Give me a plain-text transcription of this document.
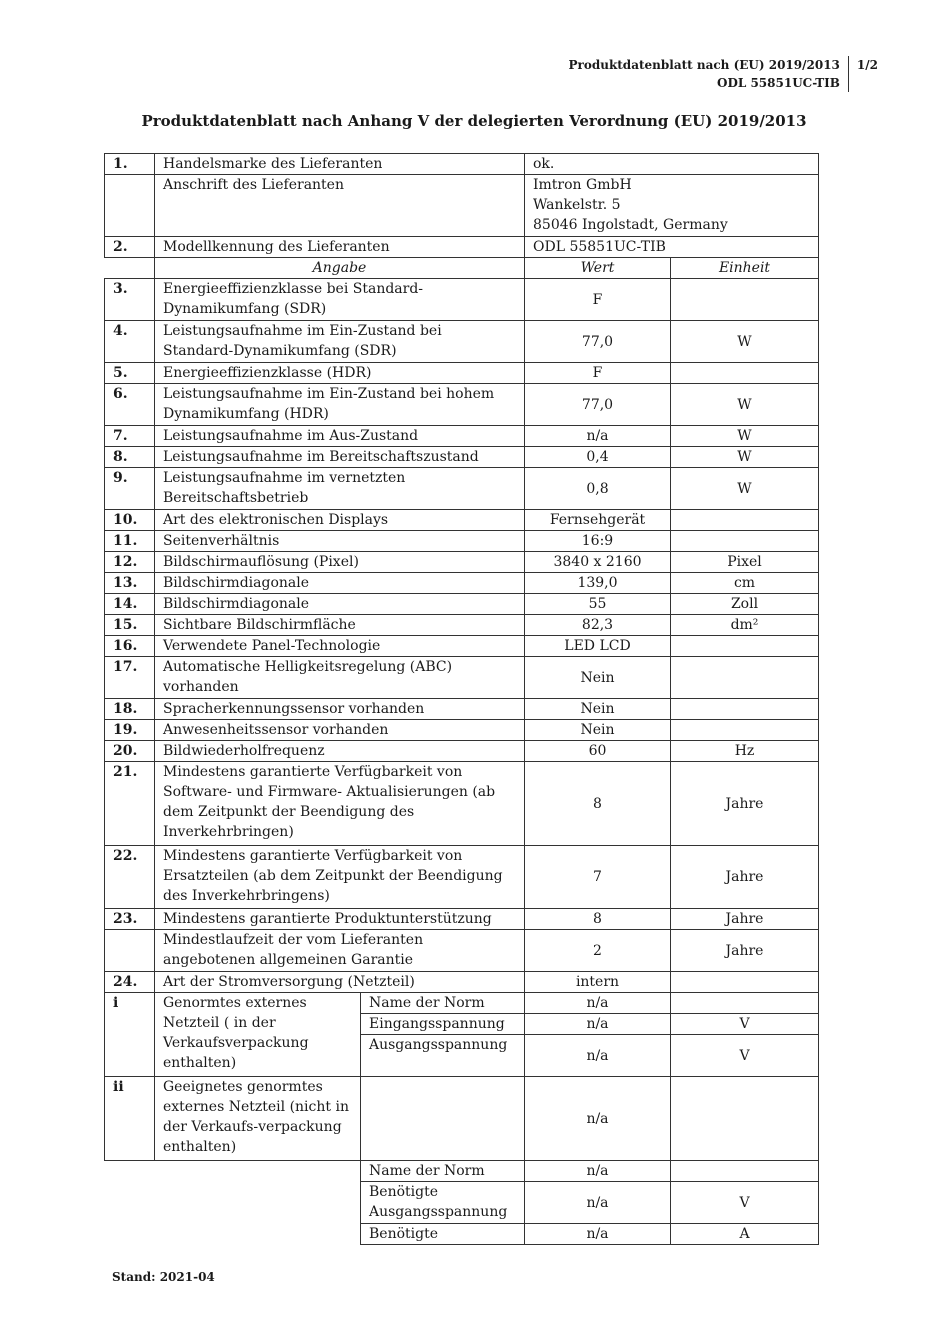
Produktdatenblatt nach (EU) 2019/2013
ODL 55851UC-TIB
1/2
Produktdatenblatt nach Anhang V der delegierten Verordnung (EU) 2019/2013
1.	Handelsmarke des Lieferanten		ok.	
	Anschrift des Lieferanten		Imtron GmbH
Wankelstr. 5
85046 Ingolstadt, Germany	

2.	Modellkennung des Lieferanten		ODL 55851UC-TIB	
	Angabe		Wert	Einheit
3.	Energieeffizienzklasse bei Standard-Dynamikumfang (SDR)		F	
4.	Leistungsaufnahme im Ein-Zustand bei Standard-Dynamikumfang (SDR)		77,0	W
5.	Energieeffizienzklasse (HDR)		F	
6.	Leistungsaufnahme im Ein-Zustand bei hohem Dynamikumfang (HDR)		77,0	W
7.	Leistungsaufnahme im Aus-Zustand		n/a	W
8.	Leistungsaufnahme im Bereitschaftszustand		0,4	W
9.	Leistungsaufnahme im vernetzten Bereitschaftsbetrieb		0,8	W
10.	Art des elektronischen Displays		Fernsehgerät	
11.	Seitenverhältnis		16:9	
12.	Bildschirmauflösung (Pixel)		3840 x 2160	Pixel
13.	Bildschirmdiagonale		139,0	cm
14.	Bildschirmdiagonale		55	Zoll
15.	Sichtbare Bildschirmfläche		82,3	dm²
16.	Verwendete Panel-Technologie		LED LCD	
17.	Automatische Helligkeitsregelung (ABC) vorhanden		Nein	
18.	Spracherkennungssensor vorhanden		Nein	
19.	Anwesenheitssensor vorhanden		Nein	
20.	Bildwiederholfrequenz		60	Hz
21.	Mindestens garantierte Verfügbarkeit von Software- und Firmware- Aktualisierungen (ab dem Zeitpunkt der Beendigung des Inverkehrbringen)		8	Jahre
22.	Mindestens garantierte Verfügbarkeit von Ersatzteilen (ab dem Zeitpunkt der Beendigung des Inverkehrbringens)		7	Jahre
23.	Mindestens garantierte Produktunterstützung		8	Jahre
	Mindestlaufzeit der vom Lieferanten angebotenen allgemeinen Garantie		2	Jahre
24.	Art der Stromversorgung (Netzteil)		intern	
i	Genormtes externes Netzteil ( in der Verkaufsverpackung enthalten)	Name der Norm	n/a	
		Eingangsspannung	n/a	V
		Ausgangsspannung	n/a	V
ii	Geeignetes genormtes externes Netzteil (nicht in der Verkaufs-verpackung enthalten)		n/a	
		Name der Norm	n/a	
		Benötigte Ausgangsspannung	n/a	V
		Benötigte	n/a	A
Stand: 2021-04
